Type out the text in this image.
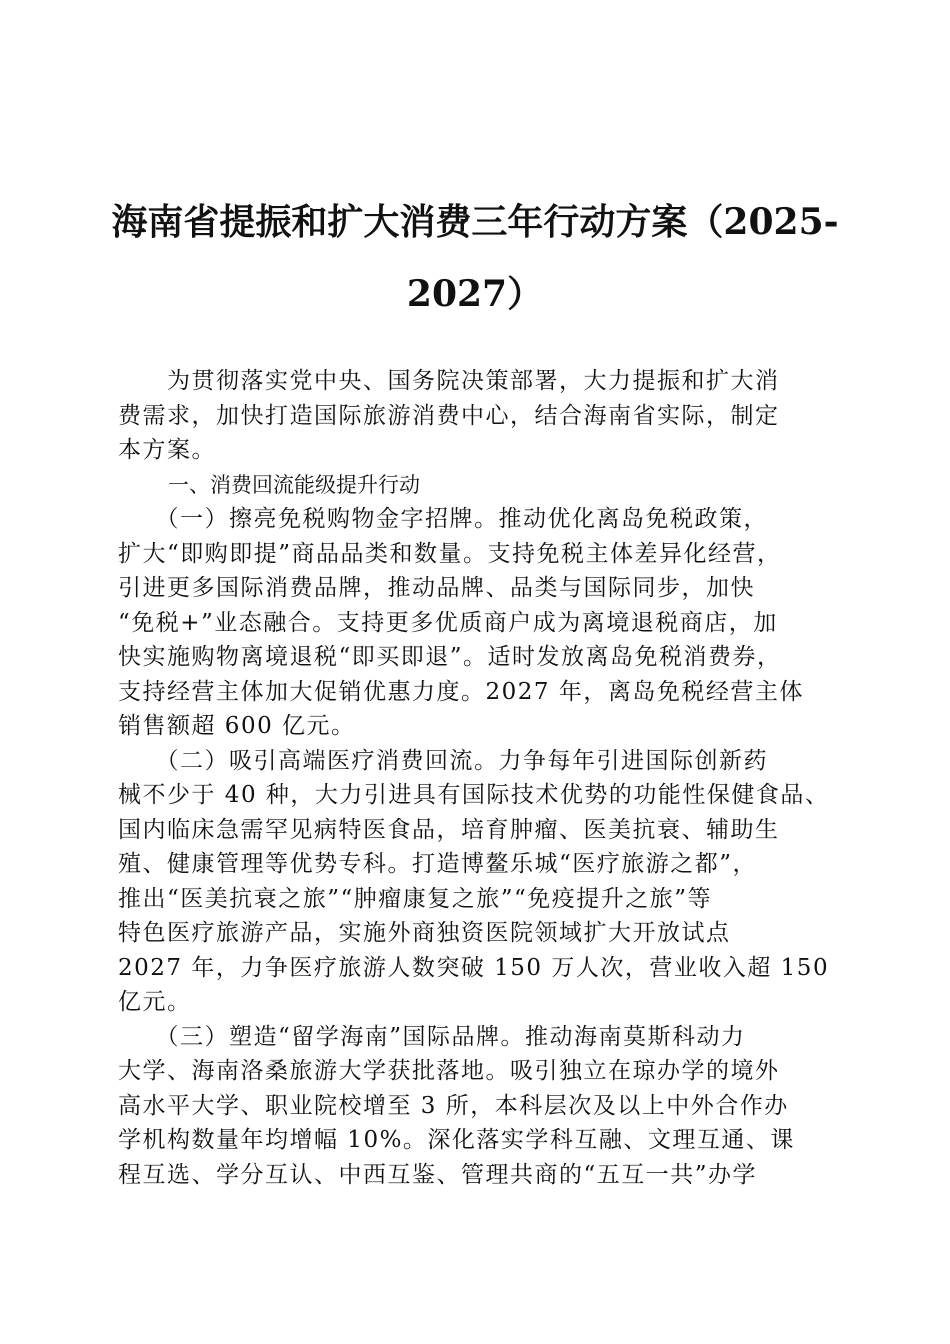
海南省提振和扩大消费三年行动方案（2025-
2027）
　　为贯彻落实党中央、国务院决策部署，大力提振和扩大消
费需求，加快打造国际旅游消费中心，结合海南省实际，制定
本方案。
一、消费回流能级提升行动
　　（一）擦亮免税购物金字招牌。推动优化离岛免税政策，
扩大“即购即提”商品品类和数量。支持免税主体差异化经营，
引进更多国际消费品牌，推动品牌、品类与国际同步，加快
“免税+”业态融合。支持更多优质商户成为离境退税商店，加
快实施购物离境退税“即买即退”。适时发放离岛免税消费券，
支持经营主体加大促销优惠力度。2027 年，离岛免税经营主体
销售额超 600 亿元。
　　（二）吸引高端医疗消费回流。力争每年引进国际创新药
械不少于 40 种，大力引进具有国际技术优势的功能性保健食品、
国内临床急需罕见病特医食品，培育肿瘤、医美抗衰、辅助生
殖、健康管理等优势专科。打造博鳌乐城“医疗旅游之都”，
推出“医美抗衰之旅”“肿瘤康复之旅”“免疫提升之旅”等
特色医疗旅游产品，实施外商独资医院领域扩大开放试点
2027 年，力争医疗旅游人数突破 150 万人次，营业收入超 150
亿元。
　　（三）塑造“留学海南”国际品牌。推动海南莫斯科动力
大学、海南洛桑旅游大学获批落地。吸引独立在琼办学的境外
高水平大学、职业院校增至 3 所，本科层次及以上中外合作办
学机构数量年均增幅 10%。深化落实学科互融、文理互通、课
程互选、学分互认、中西互鉴、管理共商的“五互一共”办学
